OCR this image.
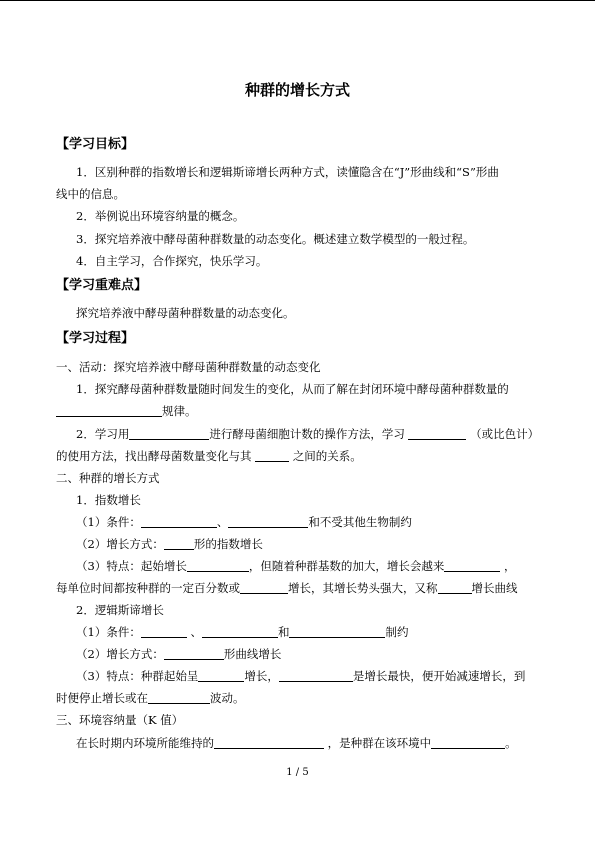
种群的增长方式
【学习目标】
1．区别种群的指数增长和逻辑斯谛增长两种方式，读懂隐含在“J”形曲线和“S”形曲
线中的信息。
2．举例说出环境容纳量的概念。
3．探究培养液中酵母菌种群数量的动态变化。概述建立数学模型的一般过程。
4．自主学习，合作探究，快乐学习。
【学习重难点】
探究培养液中酵母菌种群数量的动态变化。
【学习过程】
一、活动：探究培养液中酵母菌种群数量的动态变化
1．探究酵母菌种群数量随时间发生的变化，从而了解在封闭环境中酵母菌种群数量的
规律。
2．学习用	进行酵母菌细胞计数的操作方法，学习	（或比色计）
的使用方法，找出酵母菌数量变化与其	之间的关系。
二、种群的增长方式
1．指数增长
（1）条件：	、	和不受其他生物制约
（2）增长方式：	形的指数增长
（3）特点：起始增长	，但随着种群基数的加大，增长会越来	，
每单位时间都按种群的一定百分数或	增长，其增长势头强大，又称	增长曲线
2．逻辑斯谛增长
（1）条件：	、	和	制约
（2）增长方式：	形曲线增长
（3）特点：种群起始呈	增长，	是增长最快，便开始减速增长，到
时便停止增长或在	波动。
三、环境容纳量（K 值）
在长时期内环境所能维持的	，是种群在该环境中	。
1 / 5
